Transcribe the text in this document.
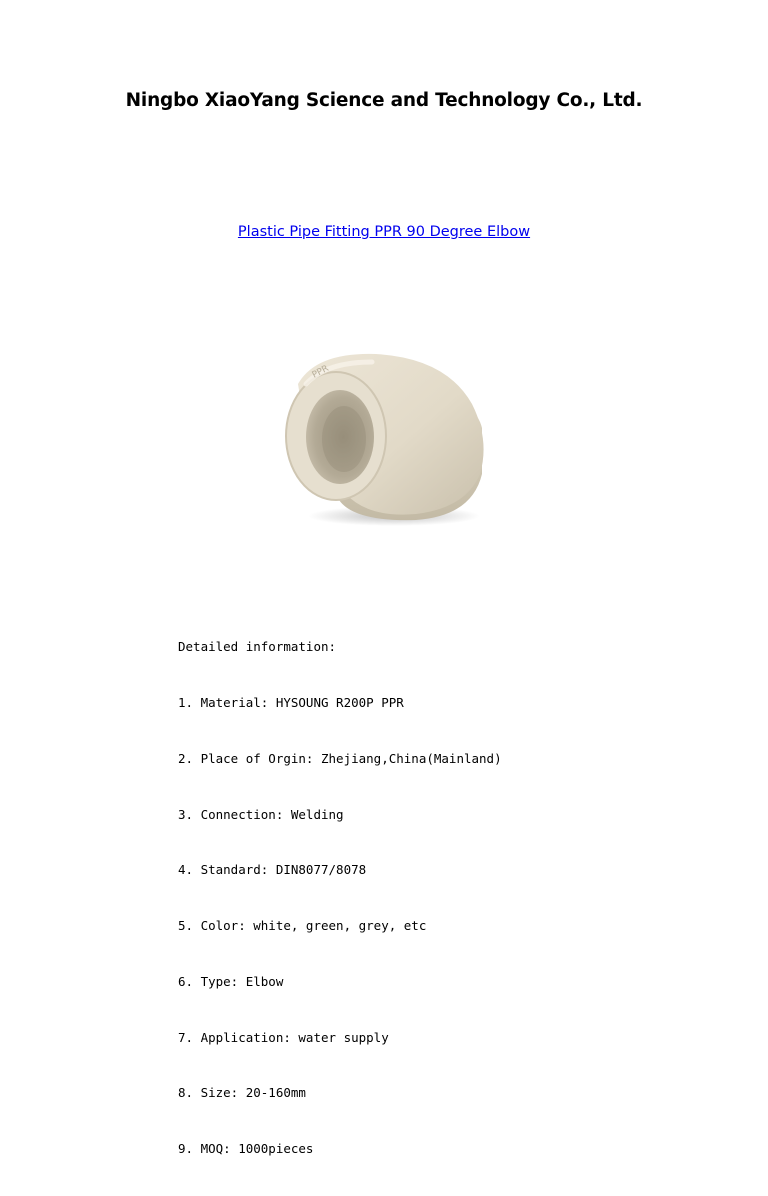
Ningbo XiaoYang Science and Technology Co., Ltd.
Plastic Pipe Fitting PPR 90 Degree Elbow
PPR

Detailed information:

1. Material: HYSOUNG R200P PPR

2. Place of Orgin: Zhejiang,China(Mainland)

3. Connection: Welding

4. Standard: DIN8077/8078

5. Color: white, green, grey, etc

6. Type: Elbow

7. Application: water supply

8. Size: 20-160mm

9. MOQ: 1000pieces
